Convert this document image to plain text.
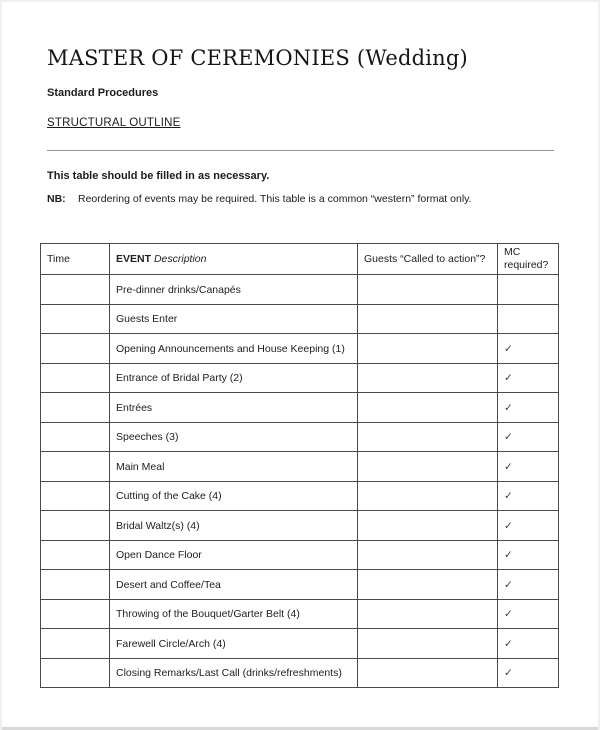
MASTER OF CEREMONIES (Wedding)
Standard Procedures
STRUCTURAL OUTLINE
This table should be filled in as necessary.
NB:	Reordering of events may be required. This table is a common “western” format only.
Time	EVENT Description	Guests “Called to action”?	MC required?
	Pre-dinner drinks/Canapés		
	Guests Enter		
	Opening Announcements and House Keeping (1)		✓
	Entrance of Bridal Party (2)		✓
	Entrées		✓
	Speeches (3)		✓
	Main Meal		✓
	Cutting of the Cake (4)		✓
	Bridal Waltz(s) (4)		✓
	Open Dance Floor		✓
	Desert and Coffee/Tea		✓
	Throwing of the Bouquet/Garter Belt (4)		✓
	Farewell Circle/Arch (4)		✓
	Closing Remarks/Last Call (drinks/refreshments)		✓
